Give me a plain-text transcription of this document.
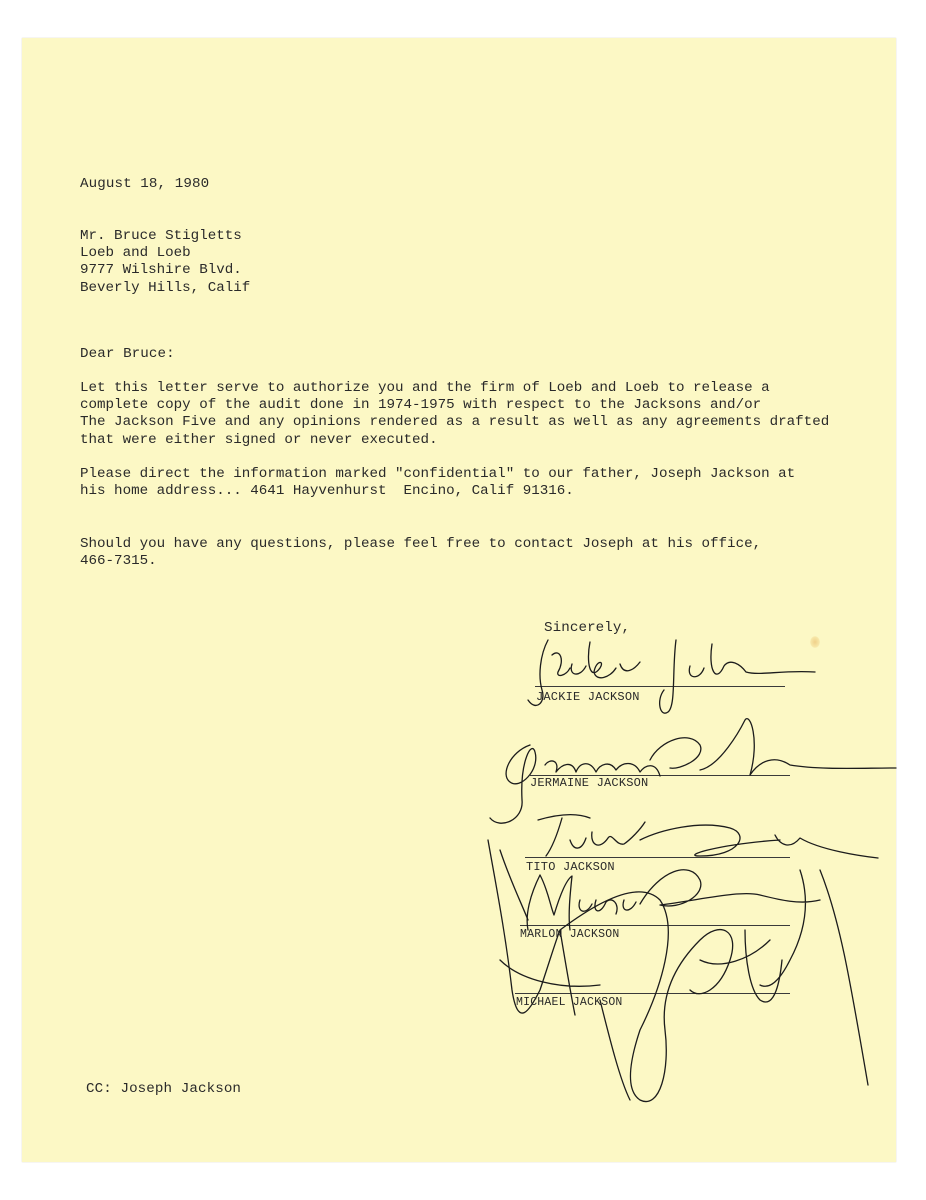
August 18, 1980
Mr. Bruce Stigletts
Loeb and Loeb
9777 Wilshire Blvd.
Beverly Hills, Calif
Dear Bruce:
Let this letter serve to authorize you and the firm of Loeb and Loeb to release a
complete copy of the audit done in 1974-1975 with respect to the Jacksons and/or
The Jackson Five and any opinions rendered as a result as well as any agreements drafted
that were either signed or never executed.
Please direct the information marked "confidential" to our father, Joseph Jackson at
his home address... 4641 Hayvenhurst  Encino, Calif 91316.
Should you have any questions, please feel free to contact Joseph at his office,
466-7315.
Sincerely,
JACKIE JACKSON
JERMAINE JACKSON
TITO JACKSON
MARLON JACKSON
MICHAEL JACKSON
CC: Joseph Jackson
